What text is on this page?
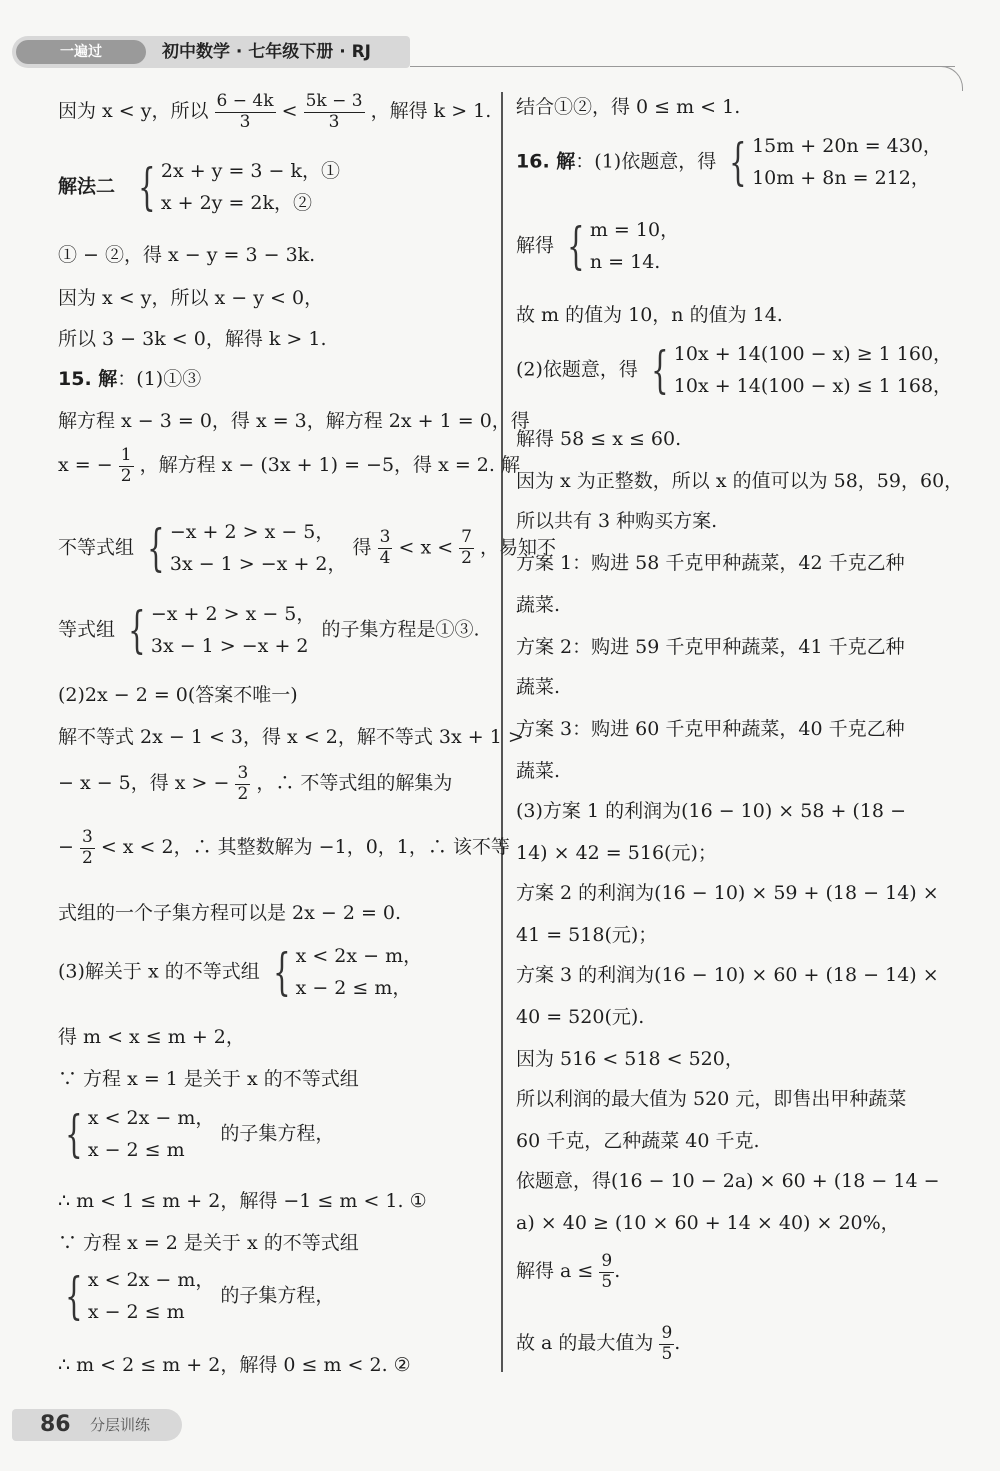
一遍过	初中数学 · 七年级下册 · RJ
因为 x < y，所以 $\frac{6 - 4k}{3} < \frac{5k - 3}{3}$ ，解得 k > 1.
解法二 { 2x + y = 3 − k，①
x + 2y = 2k，②
① − ②，得 x − y = 3 − 3k.
因为 x < y，所以 x − y < 0，
所以 3 − 3k < 0，解得 k > 1.
15. 解：(1)①③
解方程 x − 3 = 0，得 x = 3，解方程 2x + 1 = 0，得
x = − $\frac{1}{2}$ ，解方程 x − (3x + 1) = −5，得 x = 2. 解
不等式组 { −x + 2 > x − 5，
3x − 1 > −x + 2，
得 $\frac{3}{4} < x < \frac{7}{2}$ ，易知不
等式组 { −x + 2 > x − 5，
3x − 1 > −x + 2
的子集方程是①③.
(2)2x − 2 = 0(答案不唯一)
解不等式 2x − 1 < 3，得 x < 2，解不等式 3x + 1 >
− x − 5，得 x > − $\frac{3}{2}$ ，∴ 不等式组的解集为
− $\frac{3}{2} < x < 2$，∴ 其整数解为 −1，0，1，∴ 该不等
式组的一个子集方程可以是 2x − 2 = 0.
(3)解关于 x 的不等式组 { x < 2x − m，
x − 2 ≤ m，
得 m < x ≤ m + 2，
∵ 方程 x = 1 是关于 x 的不等式组
{ x < 2x − m，
x − 2 ≤ m
的子集方程，
∴ m < 1 ≤ m + 2，解得 −1 ≤ m < 1. ①
∵ 方程 x = 2 是关于 x 的不等式组
{ x < 2x − m，
x − 2 ≤ m
的子集方程，
∴ m < 2 ≤ m + 2，解得 0 ≤ m < 2. ②
结合①②，得 0 ≤ m < 1.
16. 解：(1)依题意，得 { 15m + 20n = 430，
10m + 8n = 212，
解得 { m = 10，
n = 14.
故 m 的值为 10，n 的值为 14.
(2)依题意，得 { 10x + 14(100 − x) ≥ 1 160，
10x + 14(100 − x) ≤ 1 168，
解得 58 ≤ x ≤ 60.
因为 x 为正整数，所以 x 的值可以为 58，59，60，
所以共有 3 种购买方案.
方案 1：购进 58 千克甲种蔬菜，42 千克乙种
蔬菜.
方案 2：购进 59 千克甲种蔬菜，41 千克乙种
蔬菜.
方案 3：购进 60 千克甲种蔬菜，40 千克乙种
蔬菜.
(3)方案 1 的利润为(16 − 10) × 58 + (18 −
14) × 42 = 516(元)；
方案 2 的利润为(16 − 10) × 59 + (18 − 14) ×
41 = 518(元)；
方案 3 的利润为(16 − 10) × 60 + (18 − 14) ×
40 = 520(元).
因为 516 < 518 < 520，
所以利润的最大值为 520 元，即售出甲种蔬菜
60 千克，乙种蔬菜 40 千克.
依题意，得(16 − 10 − 2a) × 60 + (18 − 14 −
a) × 40 ≥ (10 × 60 + 14 × 40) × 20%，
解得 $a \le \frac{9}{5}$ .
故 a 的最大值为 $\frac{9}{5}$ .
86 分层训练
